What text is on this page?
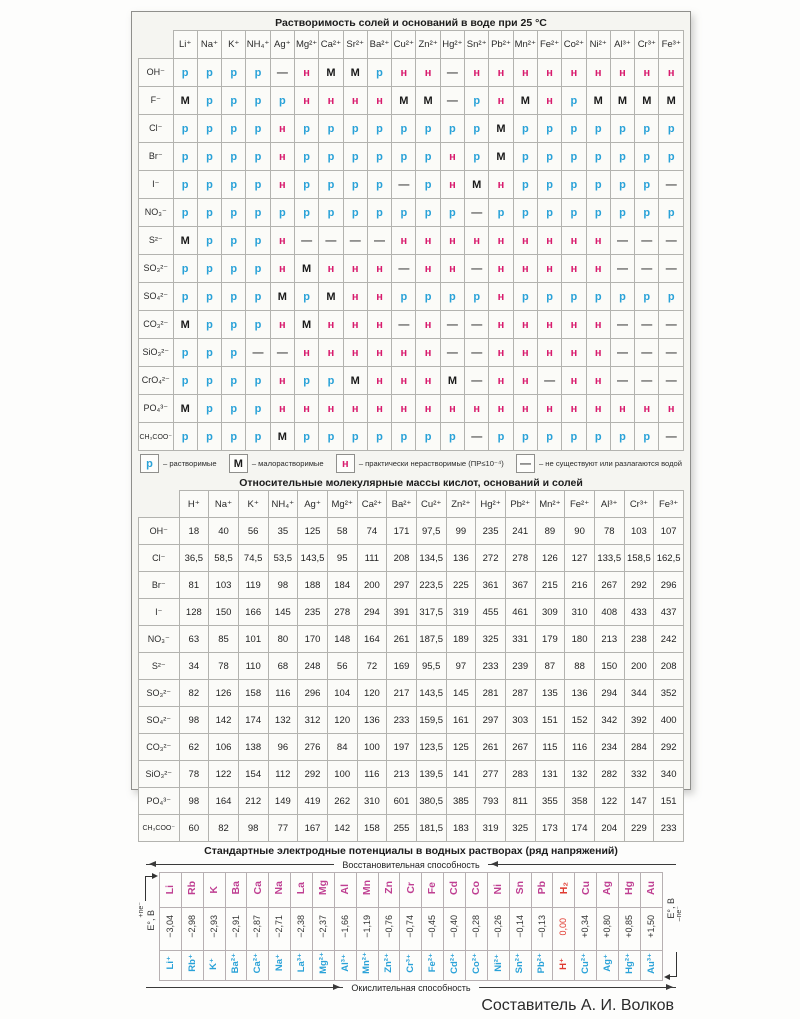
Растворимость солей и оснований в воде при 25 °С
	Li⁺	Na⁺	K⁺	NH₄⁺	Ag⁺	Mg²⁺	Ca²⁺	Sr²⁺	Ba²⁺	Cu²⁺	Zn²⁺	Hg²⁺	Sn²⁺	Pb²⁺	Mn²⁺	Fe²⁺	Co²⁺	Ni²⁺	Al³⁺	Cr³⁺	Fe³⁺
OH⁻	р	р	р	р	—	н	М	М	р	н	н	—	н	н	н	н	н	н	н	н	н
F⁻	М	р	р	р	р	н	н	н	н	М	М	—	р	н	М	н	р	М	М	М	М
Cl⁻	р	р	р	р	н	р	р	р	р	р	р	р	р	М	р	р	р	р	р	р	р
Br⁻	р	р	р	р	н	р	р	р	р	р	р	н	р	М	р	р	р	р	р	р	р
I⁻	р	р	р	р	н	р	р	р	р	—	р	н	М	н	р	р	р	р	р	р	—
NO₃⁻	р	р	р	р	р	р	р	р	р	р	р	р	—	р	р	р	р	р	р	р	р
S²⁻	М	р	р	р	н	—	—	—	—	н	н	н	н	н	н	н	н	н	—	—	—
SO₃²⁻	р	р	р	р	н	М	н	н	н	—	н	н	—	н	н	н	н	н	—	—	—
SO₄²⁻	р	р	р	р	М	р	М	н	н	р	р	р	р	н	р	р	р	р	р	р	р
CO₃²⁻	М	р	р	р	н	М	н	н	н	—	н	—	—	н	н	н	н	н	—	—	—
SiO₃²⁻	р	р	р	—	—	н	н	н	н	н	н	—	—	н	н	н	н	н	—	—	—
CrO₄²⁻	р	р	р	р	н	р	р	М	н	н	н	М	—	н	н	—	н	н	—	—	—
PO₄³⁻	М	р	р	р	н	н	н	н	н	н	н	н	н	н	н	н	н	н	н	н	н
CH₃COO⁻	р	р	р	р	М	р	р	р	р	р	р	р	—	р	р	р	р	р	р	р	—
р	– растворимые	М	– малорастворимые	н	– практически нерастворимые (ПР≤10⁻⁴)	—	– не существуют или разлагаются водой
Относительные молекулярные массы кислот, оснований и солей
	H⁺	Na⁺	K⁺	NH₄⁺	Ag⁺	Mg²⁺	Ca²⁺	Ba²⁺	Cu²⁺	Zn²⁺	Hg²⁺	Pb²⁺	Mn²⁺	Fe²⁺	Al³⁺	Cr³⁺	Fe³⁺
OH⁻	18	40	56	35	125	58	74	171	97,5	99	235	241	89	90	78	103	107
Cl⁻	36,5	58,5	74,5	53,5	143,5	95	111	208	134,5	136	272	278	126	127	133,5	158,5	162,5
Br⁻	81	103	119	98	188	184	200	297	223,5	225	361	367	215	216	267	292	296
I⁻	128	150	166	145	235	278	294	391	317,5	319	455	461	309	310	408	433	437
NO₃⁻	63	85	101	80	170	148	164	261	187,5	189	325	331	179	180	213	238	242
S²⁻	34	78	110	68	248	56	72	169	95,5	97	233	239	87	88	150	200	208
SO₃²⁻	82	126	158	116	296	104	120	217	143,5	145	281	287	135	136	294	344	352
SO₄²⁻	98	142	174	132	312	120	136	233	159,5	161	297	303	151	152	342	392	400
CO₃²⁻	62	106	138	96	276	84	100	197	123,5	125	261	267	115	116	234	284	292
SiO₃²⁻	78	122	154	112	292	100	116	213	139,5	141	277	283	131	132	282	332	340
PO₄³⁻	98	164	212	149	419	262	310	601	380,5	385	793	811	355	358	122	147	151
CH₃COO⁻	60	82	98	77	167	142	158	255	181,5	183	319	325	173	174	204	229	233
Стандартные электродные потенциалы в водных растворах (ряд напряжений)
Восстановительная способность
+ne⁻
Е°, В
Li	Rb	K	Ba	Ca	Na	La	Mg	Al	Mn	Zn	Cr	Fe	Cd	Co	Ni	Sn	Pb	H₂	Cu	Ag	Hg	Au
−3,04	−2,98	−2,93	−2,91	−2,87	−2,71	−2,38	−2,37	−1,66	−1,19	−0,76	−0,74	−0,45	−0,40	−0,28	−0,26	−0,14	−0,13	0,00	+0,34	+0,80	+0,85	+1,50
Li⁺	Rb⁺	K⁺	Ba²⁺	Ca²⁺	Na⁺	La³⁺	Mg²⁺	Al³⁺	Mn²⁺	Zn²⁺	Cr³⁺	Fe²⁺	Cd²⁺	Co²⁺	Ni²⁺	Sn²⁺	Pb²⁺	H⁺	Cu²⁺	Ag⁺	Hg²⁺	Au³⁺
Е°, В –ne⁻
Окислительная способность
Составитель А. И. Волков
